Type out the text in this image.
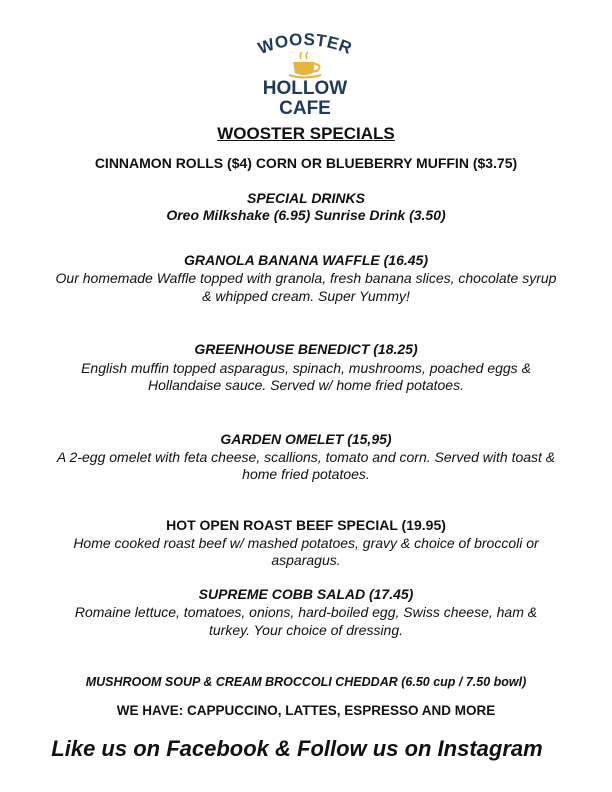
WOOSTER
HOLLOW
CAFE
WOOSTER SPECIALS
CINNAMON ROLLS ($4) CORN OR BLUEBERRY MUFFIN ($3.75)
SPECIAL DRINKS
Oreo Milkshake (6.95) Sunrise Drink (3.50)
GRANOLA BANANA WAFFLE (16.45)
Our homemade Waffle topped with granola, fresh banana slices, chocolate syrup
& whipped cream. Super Yummy!
GREENHOUSE BENEDICT (18.25)
English muffin topped asparagus, spinach, mushrooms, poached eggs &
Hollandaise sauce. Served w/ home fried potatoes.
GARDEN OMELET (15,95)
A 2-egg omelet with feta cheese, scallions, tomato and corn. Served with toast &
home fried potatoes.
HOT OPEN ROAST BEEF SPECIAL (19.95)
Home cooked roast beef w/ mashed potatoes, gravy & choice of broccoli or
asparagus.
SUPREME COBB SALAD (17.45)
Romaine lettuce, tomatoes, onions, hard-boiled egg, Swiss cheese, ham &
turkey. Your choice of dressing.
MUSHROOM SOUP & CREAM BROCCOLI CHEDDAR (6.50 cup / 7.50 bowl)
WE HAVE: CAPPUCCINO, LATTES, ESPRESSO AND MORE
Like us on Facebook & Follow us on Instagram
